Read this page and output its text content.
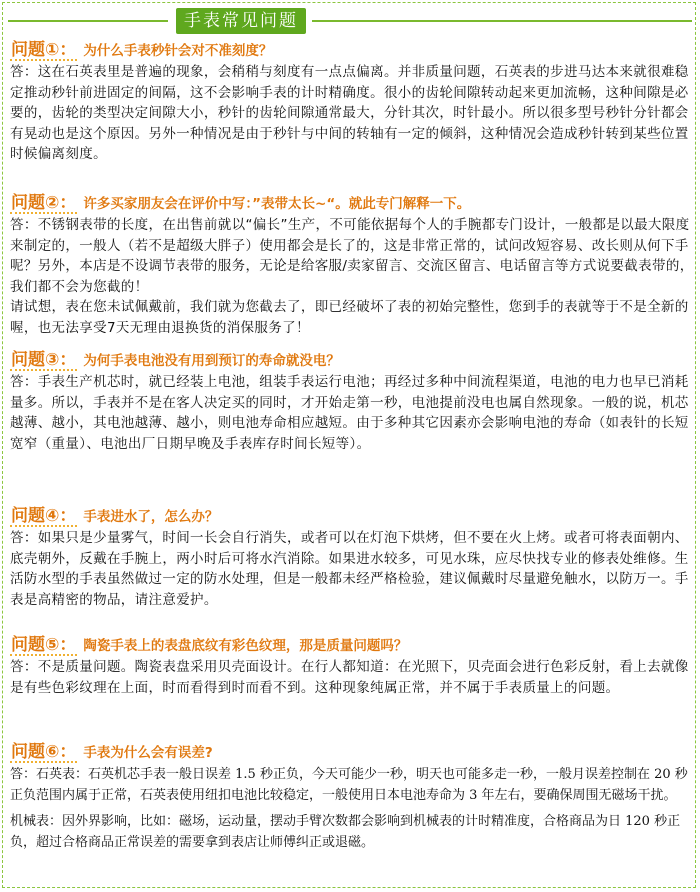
手表常见问题
问题①： 为什么手表秒针会对不准刻度？

答：这在石英表里是普遍的现象，会稍稍与刻度有一点点偏离。并非质量问题，石英表的步进马达本来就很难稳定推动秒针前进固定的间隔，这不会影响手表的计时精确度。很小的齿轮间隙转动起来更加流畅，这种间隙是必要的，齿轮的类型决定间隙大小，秒针的齿轮间隙通常最大，分针其次，时针最小。所以很多型号秒针分针都会有晃动也是这个原因。另外一种情况是由于秒针与中间的转轴有一定的倾斜，这种情况会造成秒针转到某些位置时候偏离刻度。

问题②： 许多买家朋友会在评价中写：”表带太长~“。就此专门解释一下。

答：不锈钢表带的长度，在出售前就以“偏长”生产，不可能依据每个人的手腕都专门设计，一般都是以最大限度来制定的，一般人（若不是超级大胖子）使用都会是长了的，这是非常正常的，试问改短容易、改长则从何下手呢？另外，本店是不设调节表带的服务，无论是给客服/卖家留言、交流区留言、电话留言等方式说要截表带的，我们都不会为您截的！

请试想，表在您未试佩戴前，我们就为您截去了，即已经破坏了表的初始完整性，您到手的表就等于不是全新的喔，也无法享受7天无理由退换货的消保服务了！

问题③： 为何手表电池没有用到预订的寿命就没电？

答：手表生产机芯时，就已经装上电池，组装手表运行电池；再经过多种中间流程渠道，电池的电力也早已消耗量多。所以，手表并不是在客人决定买的同时，才开始走第一秒，电池提前没电也属自然现象。一般的说，机芯越薄、越小，其电池越薄、越小，则电池寿命相应越短。由于多种其它因素亦会影响电池的寿命（如表针的长短宽窄（重量）、电池出厂日期早晚及手表库存时间长短等）。

问题④： 手表进水了，怎么办？

答：如果只是少量雾气，时间一长会自行消失，或者可以在灯泡下烘烤，但不要在火上烤。或者可将表面朝内、底壳朝外，反戴在手腕上，两小时后可将水汽消除。如果进水较多，可见水珠，应尽快找专业的修表处维修。生活防水型的手表虽然做过一定的防水处理，但是一般都未经严格检验，建议佩戴时尽量避免触水，以防万一。手表是高精密的物品，请注意爱护。

问题⑤： 陶瓷手表上的表盘底纹有彩色纹理，那是质量问题吗？

答：不是质量问题。陶瓷表盘采用贝壳面设计。在行人都知道：在光照下，贝壳面会进行色彩反射，看上去就像是有些色彩纹理在上面，时而看得到时而看不到。这种现象纯属正常，并不属于手表质量上的问题。

问题⑥： 手表为什么会有误差?

答：石英表：石英机芯手表一般日误差 1.5 秒正负，今天可能少一秒，明天也可能多走一秒，一般月误差控制在 20 秒正负范围内属于正常，石英表使用纽扣电池比较稳定，一般使用日本电池寿命为 3 年左右，要确保周围无磁场干扰。

机械表：因外界影响，比如：磁场，运动量，摆动手臂次数都会影响到机械表的计时精准度，合格商品为日 120 秒正负，超过合格商品正常误差的需要拿到表店让师傅纠正或退磁。
